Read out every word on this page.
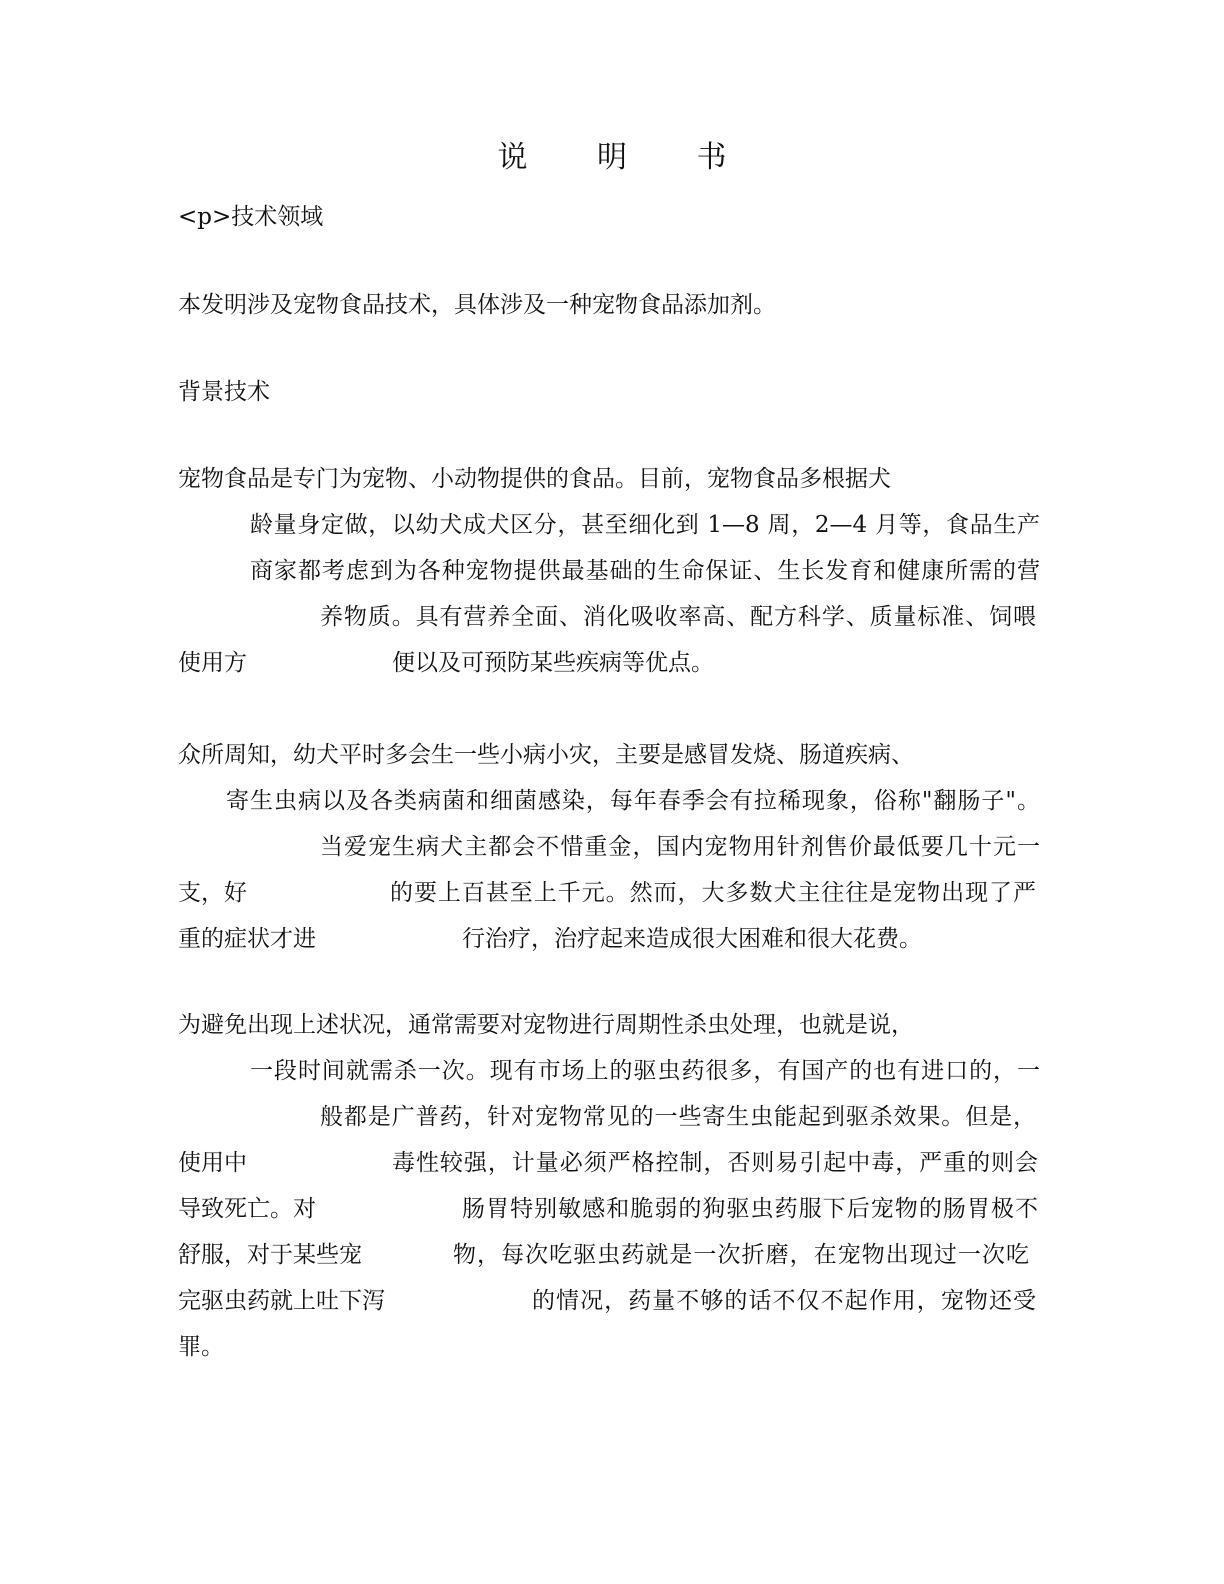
说 明 书
<p>技术领域
本发明涉及宠物食品技术，具体涉及一种宠物食品添加剂。
背景技术
宠物食品是专门为宠物、小动物提供的食品。目前，宠物食品多根据犬
龄量身定做，以幼犬成犬区分，甚至细化到 1—8 周，2—4 月等，食品生产
商家都考虑到为各种宠物提供最基础的生命保证、生长发育和健康所需的营
养物质。具有营养全面、消化吸收率高、配方科学、质量标准、饲喂
使用方	便以及可预防某些疾病等优点。
众所周知，幼犬平时多会生一些小病小灾，主要是感冒发烧、肠道疾病、
寄生虫病以及各类病菌和细菌感染，每年春季会有拉稀现象，俗称"翻肠子"。
当爱宠生病犬主都会不惜重金，国内宠物用针剂售价最低要几十元一
支，好	的要上百甚至上千元。然而，大多数犬主往往是宠物出现了严
重的症状才进	行治疗，治疗起来造成很大困难和很大花费。
为避免出现上述状况，通常需要对宠物进行周期性杀虫处理，也就是说，
一段时间就需杀一次。现有市场上的驱虫药很多，有国产的也有进口的，一
般都是广普药，针对宠物常见的一些寄生虫能起到驱杀效果。但是，
使用中	毒性较强，计量必须严格控制，否则易引起中毒，严重的则会
导致死亡。对	肠胃特别敏感和脆弱的狗驱虫药服下后宠物的肠胃极不
舒服，对于某些宠	物，每次吃驱虫药就是一次折磨，在宠物出现过一次吃
完驱虫药就上吐下泻	的情况，药量不够的话不仅不起作用，宠物还受
罪。
